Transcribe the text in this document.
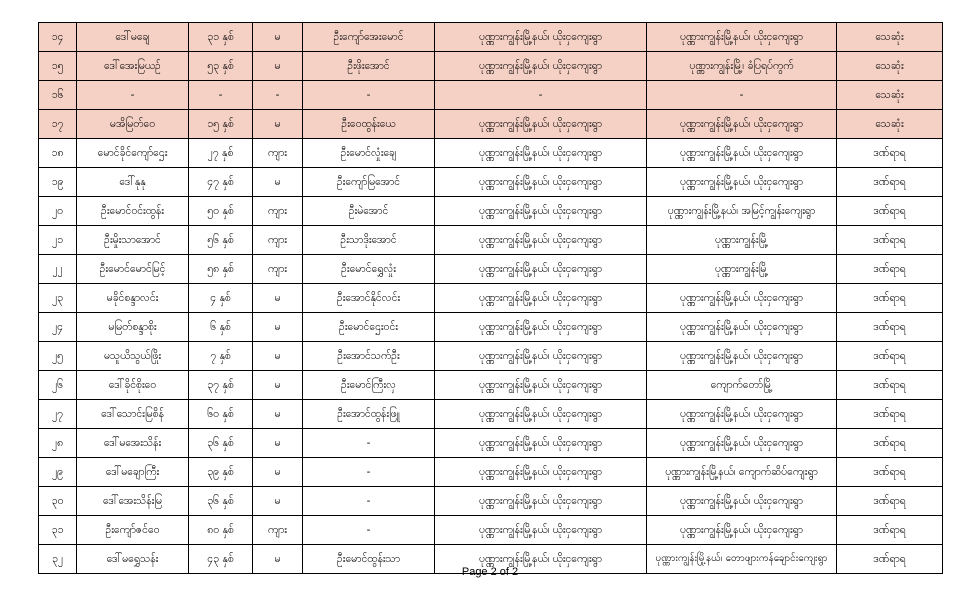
၁၄	ဒေါ်မချေ	၃၁ နှစ်	မ	ဦးကျော်အေးမောင်	ပုဏ္ဏားကျွန်းမြို့နယ်၊ ယိုးငှကျေးရွာ	ပုဏ္ဏားကျွန်းမြို့နယ်၊ ယိုးငှကျေးရွာ	သေဆုံး
၁၅	ဒေါ်အေးမြယဉ်	၅၃ နှစ်	မ	ဦးဖိုးအောင်	ပုဏ္ဏားကျွန်းမြို့နယ်၊ ယိုးငှကျေးရွာ	ပုဏ္ဏားကျွန်းမြို့၊ ခံပြရပ်ကွက်	သေဆုံး
၁၆	-	-	-	-	-	-	သေဆုံး
၁၇	မအိမြတ်ဝေ	၁၅ နှစ်	မ	ဦးဝေထွန်းယေ	ပုဏ္ဏားကျွန်းမြို့နယ်၊ ယိုးငှကျေးရွာ	ပုဏ္ဏားကျွန်းမြို့နယ်၊ ယိုးငှကျေးရွာ	သေဆုံး
၁၈	မောင်ခိုင်ကျော်ဌေး	၂၇ နှစ်	ကျား	ဦးမောင်လှုံးချေ	ပုဏ္ဏားကျွန်းမြို့နယ်၊ ယိုးငှကျေးရွာ	ပုဏ္ဏားကျွန်းမြို့နယ်၊ ယိုးငှကျေးရွာ	ဒဏ်ရာရ
၁၉	ဒေါ်နုနု	၄၇ နှစ်	မ	ဦးကျော်မြအောင်	ပုဏ္ဏားကျွန်းမြို့နယ်၊ ယိုးငှကျေးရွာ	ပုဏ္ဏားကျွန်းမြို့နယ်၊ ယိုးငှကျေးရွာ	ဒဏ်ရာရ
၂၀	ဦးမောင်ဝင်းထွန်း	၅၀ နှစ်	ကျား	ဦးမဲအောင်	ပုဏ္ဏားကျွန်းမြို့နယ်၊ ယိုးငှကျေးရွာ	ပုဏ္ဏားကျွန်းမြို့နယ်၊ အမြင့်ကျွန်းကျေးရွာ	ဒဏ်ရာရ
၂၁	ဦးမှိုးသာအောင်	၅၆ နှစ်	ကျား	ဦးသာဒိုးအောင်	ပုဏ္ဏားကျွန်းမြို့နယ်၊ ယိုးငှကျေးရွာ	ပုဏ္ဏားကျွန်းမြို့	ဒဏ်ရာရ
၂၂	ဦးမောင်မောင်မြင့်	၅၈ နှစ်	ကျား	ဦးမောင်ရွှေလှုံး	ပုဏ္ဏားကျွန်းမြို့နယ်၊ ယိုးငှကျေးရွာ	ပုဏ္ဏားကျွန်းမြို့	ဒဏ်ရာရ
၂၃	မခိုင်စန္ဒာလင်း	၄ နှစ်	မ	ဦးအောင်နိုင်လင်း	ပုဏ္ဏားကျွန်းမြို့နယ်၊ ယိုးငှကျေးရွာ	ပုဏ္ဏားကျွန်းမြို့နယ်၊ ယိုးငှကျေးရွာ	ဒဏ်ရာရ
၂၄	မမြတ်စန္ဒာစိုး	၆ နှစ်	မ	ဦးမောင်ဌေးဝင်း	ပုဏ္ဏားကျွန်းမြို့နယ်၊ ယိုးငှကျေးရွာ	ပုဏ္ဏားကျွန်းမြို့နယ်၊ ယိုးငှကျေးရွာ	ဒဏ်ရာရ
၂၅	မသူယိသွယ်ဖြိုး	၇ နှစ်	မ	ဦးအောင်သက်ဦး	ပုဏ္ဏားကျွန်းမြို့နယ်၊ ယိုးငှကျေးရွာ	ပုဏ္ဏားကျွန်းမြို့နယ်၊ ယိုးငှကျေးရွာ	ဒဏ်ရာရ
၂၆	ဒေါ်ခိုင်စိုးဝေ	၃၇ နှစ်	မ	ဦးမောင်ကြီးလှ	ပုဏ္ဏားကျွန်းမြို့နယ်၊ ယိုးငှကျေးရွာ	ကျောက်တော်မြို့	ဒဏ်ရာရ
၂၇	ဒေါ်သောင်းမြစိန်	၆၀ နှစ်	မ	ဦးအောင်ထွန်းဖြူ	ပုဏ္ဏားကျွန်းမြို့နယ်၊ ယိုးငှကျေးရွာ	ပုဏ္ဏားကျွန်းမြို့နယ်၊ ယိုးငှကျေးရွာ	ဒဏ်ရာရ
၂၈	ဒေါ်မအေးသိန်း	၃၆ နှစ်	မ	-	ပုဏ္ဏားကျွန်းမြို့နယ်၊ ယိုးငှကျေးရွာ	ပုဏ္ဏားကျွန်းမြို့နယ်၊ ယိုးငှကျေးရွာ	ဒဏ်ရာရ
၂၉	ဒေါ်မချောကြီး	၃၉ နှစ်	မ	-	ပုဏ္ဏားကျွန်းမြို့နယ်၊ ယိုးငှကျေးရွာ	ပုဏ္ဏားကျွန်းမြို့နယ်၊ ကျောက်ဆိပ်ကျေးရွာ	ဒဏ်ရာရ
၃၀	ဒေါ်အေးသိန်းမြ	၃၆ နှစ်	မ	-	ပုဏ္ဏားကျွန်းမြို့နယ်၊ ယိုးငှကျေးရွာ	ပုဏ္ဏားကျွန်းမြို့နယ်၊ ယိုးငှကျေးရွာ	ဒဏ်ရာရ
၃၁	ဦးကျော်ဇင်ဝေ	၈၀ နှစ်	ကျား	-	ပုဏ္ဏားကျွန်းမြို့နယ်၊ ယိုးငှကျေးရွာ	ပုဏ္ဏားကျွန်းမြို့နယ်၊ ယိုးငှကျေးရွာ	ဒဏ်ရာရ
၃၂	ဒေါ်မရွှေသန်း	၄၃ နှစ်	မ	ဦးမောင်ထွန်းသာ	ပုဏ္ဏားကျွန်းမြို့နယ်၊ ယိုးငှကျေးရွာ	ပုဏ္ဏားကျွန်းမြို့နယ်၊ တောဖျားကန်ချောင်းကျေးရွာ	ဒဏ်ရာရ
Page 2 of 2
